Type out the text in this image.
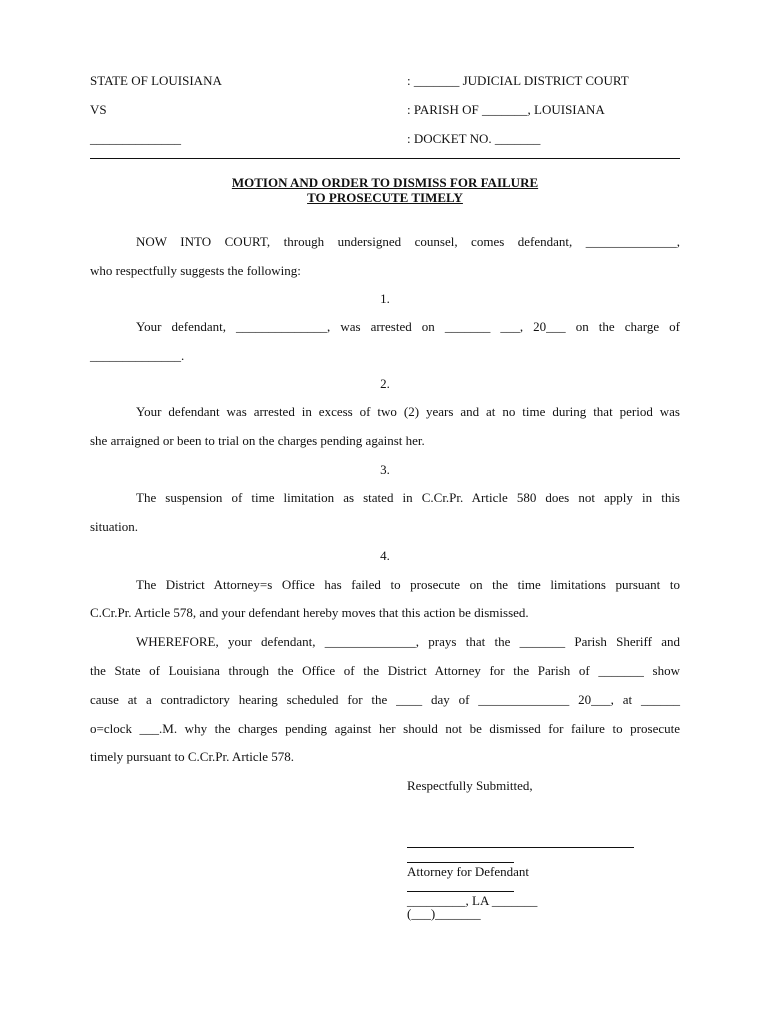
STATE OF LOUISIANA	: _______ JUDICIAL DISTRICT COURT
VS	: PARISH OF _______, LOUISIANA
______________	: DOCKET NO. _______
MOTION AND ORDER TO DISMISS FOR FAILURE
TO PROSECUTE TIMELY
NOW INTO COURT, through undersigned counsel, comes defendant, ______________,
who respectfully suggests the following:
1.
Your defendant, ______________, was arrested on _______ ___, 20___ on the charge of
______________.
2.
Your defendant was arrested in excess of two (2) years and at no time during that period was
she arraigned or been to trial on the charges pending against her.
3.
The suspension of time limitation as stated in C.Cr.Pr. Article 580 does not apply in this
situation.
4.
The District Attorney=s Office has failed to prosecute on the time limitations pursuant to
C.Cr.Pr. Article 578, and your defendant hereby moves that this action be dismissed.
WHEREFORE, your defendant, ______________, prays that the _______ Parish Sheriff and
the State of Louisiana through the Office of the District Attorney for the Parish of _______ show
cause at a contradictory hearing scheduled for the ____ day of ______________ 20___, at ______
o=clock ___.M. why the charges pending against her should not be dismissed for failure to prosecute
timely pursuant to C.Cr.Pr. Article 578.
Respectfully Submitted,
Attorney for Defendant
_________, LA _______
(___)_______
